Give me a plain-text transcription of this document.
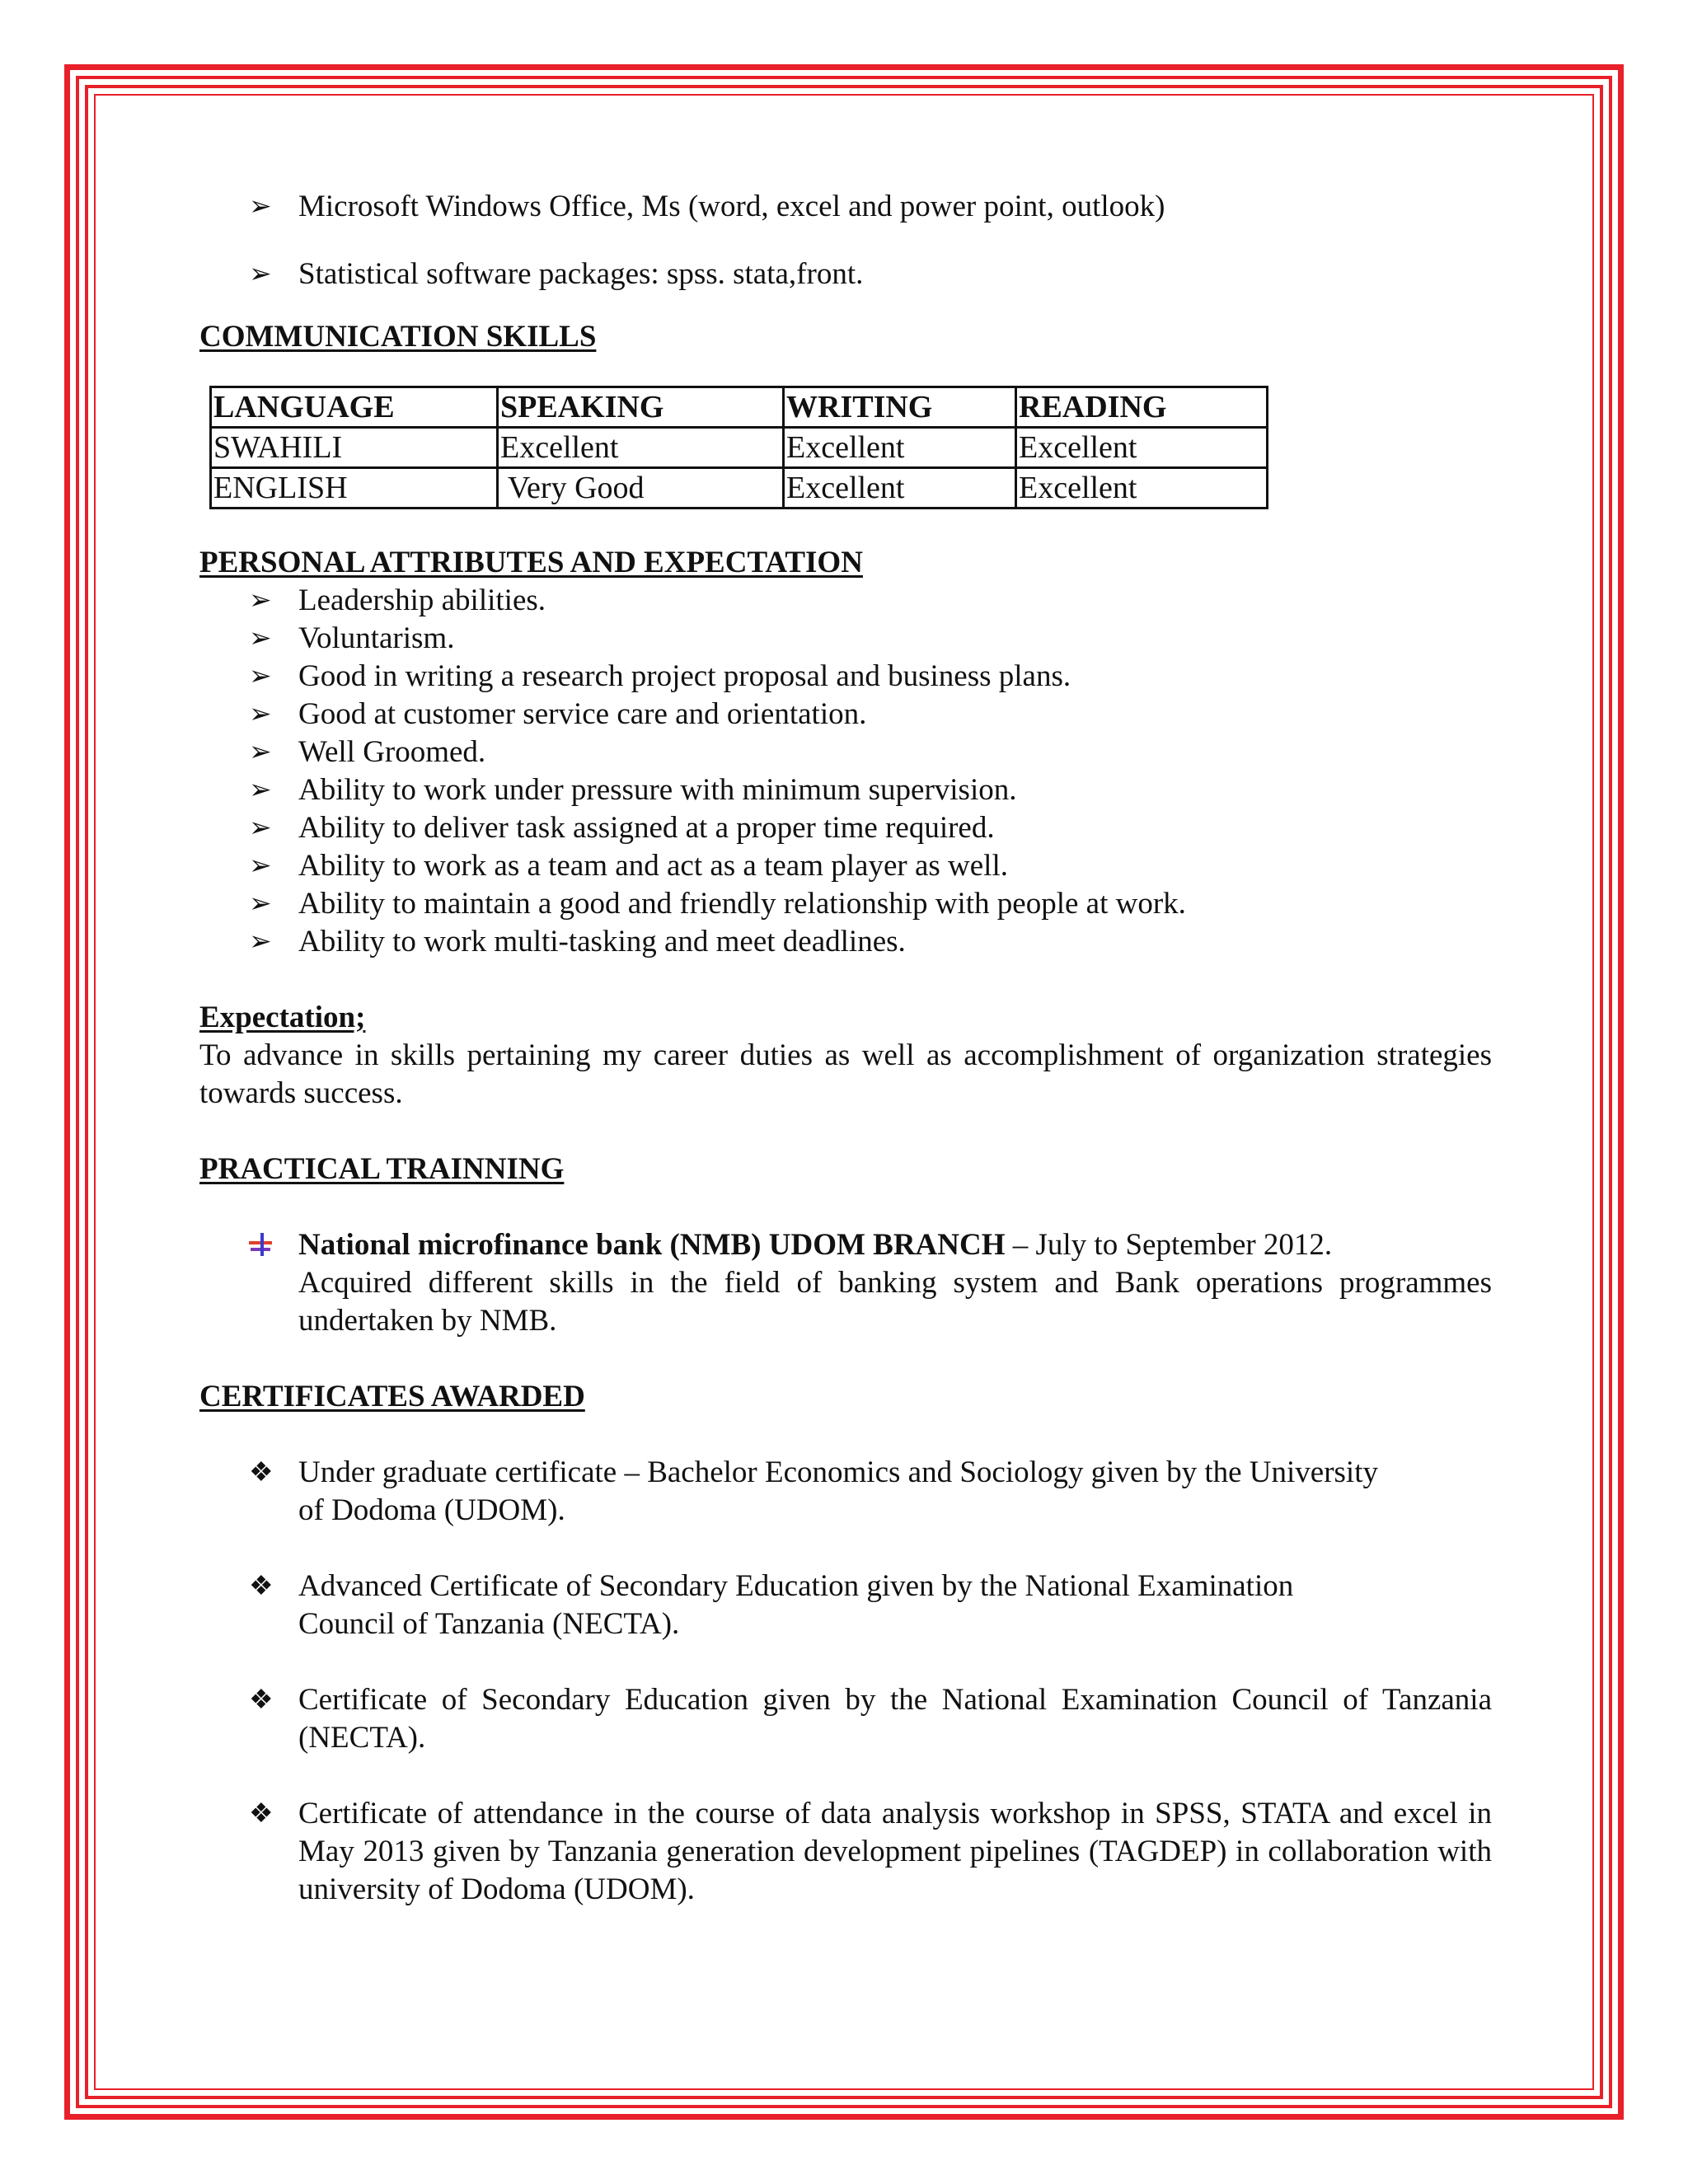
➢ Microsoft Windows Office, Ms (word, excel and power point, outlook)
➢ Statistical software packages: spss. stata,front.
COMMUNICATION SKILLS
LANGUAGE	SPEAKING	WRITING	READING
SWAHILI	Excellent	Excellent	Excellent
ENGLISH	Very Good	Excellent	Excellent
PERSONAL ATTRIBUTES AND EXPECTATION
➢ Leadership abilities.
➢ Voluntarism.
➢ Good in writing a research project proposal and business plans.
➢ Good at customer service care and orientation.
➢ Well Groomed.
➢ Ability to work under pressure with minimum supervision.
➢ Ability to deliver task assigned at a proper time required.
➢ Ability to work as a team and act as a team player as well.
➢ Ability to maintain a good and friendly relationship with people at work.
➢ Ability to work multi-tasking and meet deadlines.
Expectation;

To advance in skills pertaining my career duties as well as accomplishment of organization strategies towards success.

PRACTICAL TRAINNING
National microfinance bank (NMB) UDOM BRANCH – July to September 2012.
Acquired different skills in the field of banking system and Bank operations programmes undertaken by NMB.
CERTIFICATES AWARDED
❖ Under graduate certificate – Bachelor Economics and Sociology given by the University
of Dodoma (UDOM).
❖ Advanced Certificate of Secondary Education given by the National Examination
Council of Tanzania (NECTA).
❖ Certificate of Secondary Education given by the National Examination Council of Tanzania (NECTA).
❖ Certificate of attendance in the course of data analysis workshop in SPSS, STATA and excel in May 2013 given by Tanzania generation development pipelines (TAGDEP) in collaboration with university of Dodoma (UDOM).
